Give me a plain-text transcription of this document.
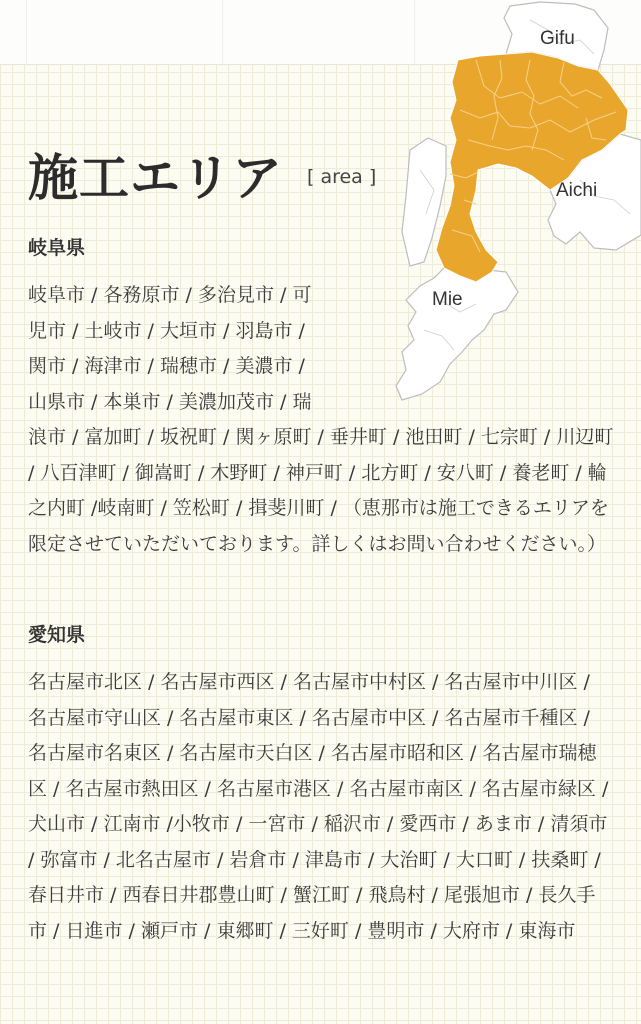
Gifu
Aichi
Mie
施工エリア [ area ]
岐阜県
岐阜市 / 各務原市 / 多治見市 / 可
児市 / 土岐市 / 大垣市 / 羽島市 /
関市 / 海津市 / 瑞穂市 / 美濃市 /
山県市 / 本巣市 / 美濃加茂市 / 瑞
浪市 / 富加町 / 坂祝町 / 関ヶ原町 / 垂井町 / 池田町 / 七宗町 / 川辺町 / 八百津町 / 御嵩町 / 木野町 / 神戸町 / 北方町 / 安八町 / 養老町 / 輪之内町 /岐南町 / 笠松町 / 揖斐川町 / （恵那市は施工できるエリアを限定させていただいております。詳しくはお問い合わせください。）
愛知県
名古屋市北区 / 名古屋市西区 / 名古屋市中村区 / 名古屋市中川区 / 名古屋市守山区 / 名古屋市東区 / 名古屋市中区 / 名古屋市千種区 / 名古屋市名東区 / 名古屋市天白区 / 名古屋市昭和区 / 名古屋市瑞穂区 / 名古屋市熱田区 / 名古屋市港区 / 名古屋市南区 / 名古屋市緑区 / 犬山市 / 江南市 /小牧市 / 一宮市 / 稲沢市 / 愛西市 / あま市 / 清須市 / 弥富市 / 北名古屋市 / 岩倉市 / 津島市 / 大治町 / 大口町 / 扶桑町 / 春日井市 / 西春日井郡豊山町 / 蟹江町 / 飛鳥村 / 尾張旭市 / 長久手市 / 日進市 / 瀬戸市 / 東郷町 / 三好町 / 豊明市 / 大府市 / 東海市
